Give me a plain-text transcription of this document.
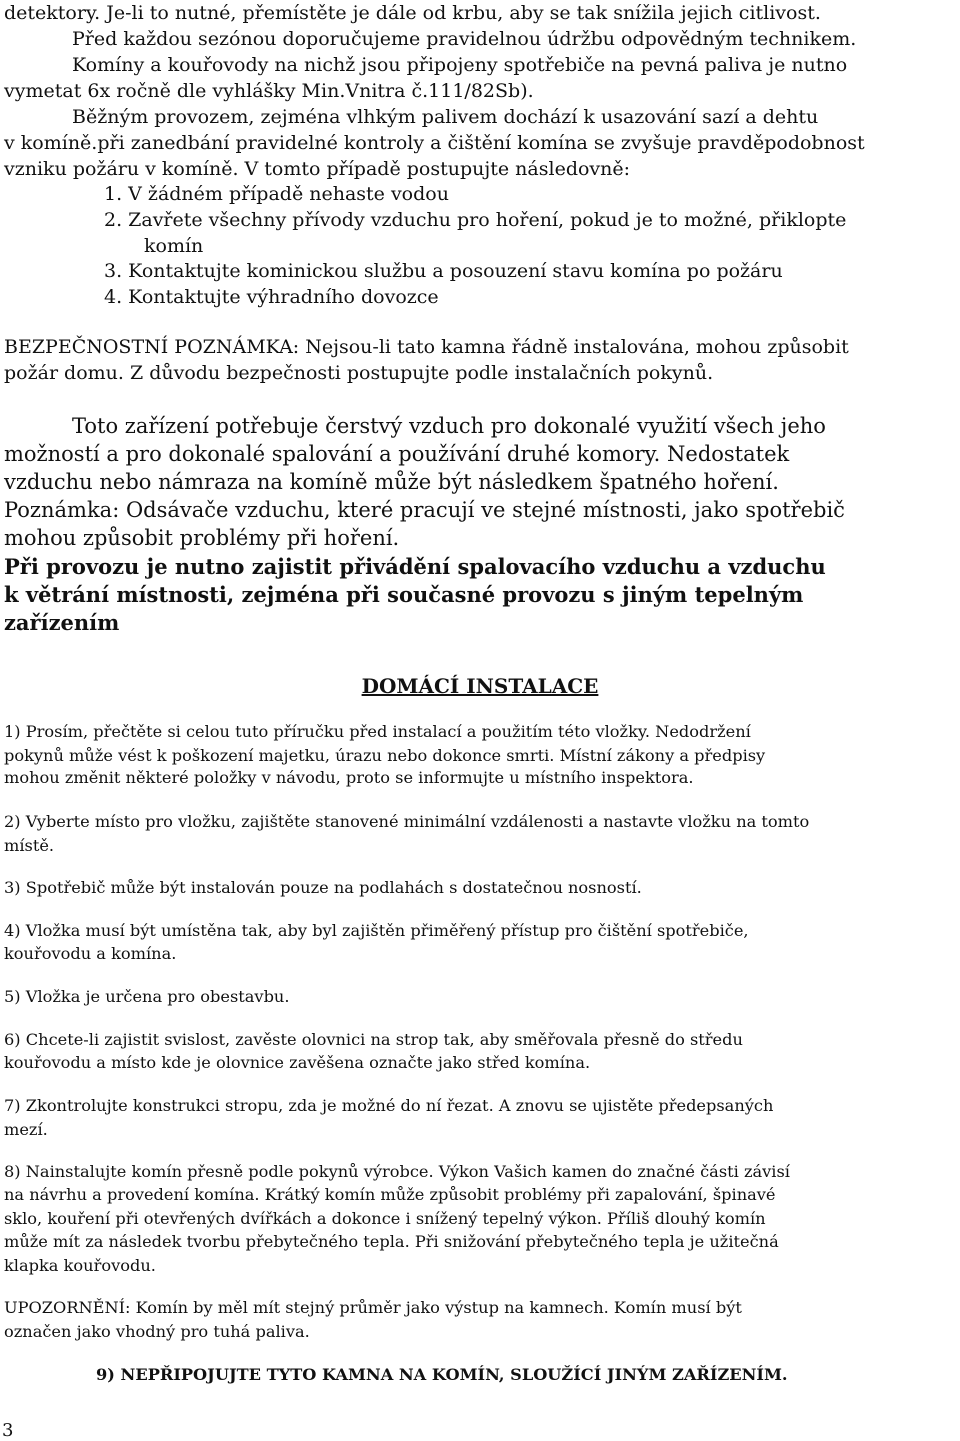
detektory. Je-li to nutné, přemístěte je dále od krbu, aby se tak snížila jejich citlivost.

Před každou sezónou doporučujeme pravidelnou údržbu odpovědným technikem.

Komíny a kouřovody na nichž jsou připojeny spotřebiče na pevná paliva je nutno

vymetat 6x ročně dle vyhlášky Min.Vnitra č.111/82Sb).

Běžným provozem, zejména vlhkým palivem dochází k usazování sazí a dehtu

v komíně.při zanedbání pravidelné kontroly a čištění komína se zvyšuje pravděpodobnost

vzniku požáru v komíně. V tomto případě postupujte následovně:

1. V žádném případě nehaste vodou

2. Zavřete všechny přívody vzduchu pro hoření, pokud je to možné, přiklopte

komín

3. Kontaktujte kominickou službu a posouzení stavu komína po požáru

4. Kontaktujte výhradního dovozce

BEZPEČNOSTNÍ POZNÁMKA: Nejsou-li tato kamna řádně instalována, mohou způsobit

požár domu. Z důvodu bezpečnosti postupujte podle instalačních pokynů.

Toto zařízení potřebuje čerstvý vzduch pro dokonalé využití všech jeho

možností a pro dokonalé spalování a používání druhé komory. Nedostatek

vzduchu nebo námraza na komíně může být následkem špatného hoření.

Poznámka: Odsávače vzduchu, které pracují ve stejné místnosti, jako spotřebič

mohou způsobit problémy při hoření.

Při provozu je nutno zajistit přivádění spalovacího vzduchu a vzduchu

k větrání místnosti, zejména při současné provozu s jiným tepelným

zařízením

DOMÁCÍ INSTALACE

1) Prosím, přečtěte si celou tuto příručku před instalací a použitím této vložky. Nedodržení

pokynů může vést k poškození majetku, úrazu nebo dokonce smrti. Místní zákony a předpisy

mohou změnit některé položky v návodu, proto se informujte u místního inspektora.

2) Vyberte místo pro vložku, zajištěte stanovené minimální vzdálenosti a nastavte vložku na tomto

místě.

3) Spotřebič může být instalován pouze na podlahách s dostatečnou nosností.

4) Vložka musí být umístěna tak, aby byl zajištěn přiměřený přístup pro čištění spotřebiče,

kouřovodu a komína.

5) Vložka je určena pro obestavbu.

6) Chcete-li zajistit svislost, zavěste olovnici na strop tak, aby směřovala přesně do středu

kouřovodu a místo kde je olovnice zavěšena označte jako střed komína.

7) Zkontrolujte konstrukci stropu, zda je možné do ní řezat. A znovu se ujistěte předepsaných

mezí.

8) Nainstalujte komín přesně podle pokynů výrobce. Výkon Vašich kamen do značné části závisí

na návrhu a provedení komína. Krátký komín může způsobit problémy při zapalování, špinavé

sklo, kouření při otevřených dvířkách a dokonce i snížený tepelný výkon. Příliš dlouhý komín

může mít za následek tvorbu přebytečného tepla. Při snižování přebytečného tepla je užitečná

klapka kouřovodu.

UPOZORNĚNÍ: Komín by měl mít stejný průměr jako výstup na kamnech. Komín musí být

označen jako vhodný pro tuhá paliva.

9) NEPŘIPOJUJTE TYTO KAMNA NA KOMÍN, SLOUŽÍCÍ JINÝM ZAŘÍZENÍM.

3
